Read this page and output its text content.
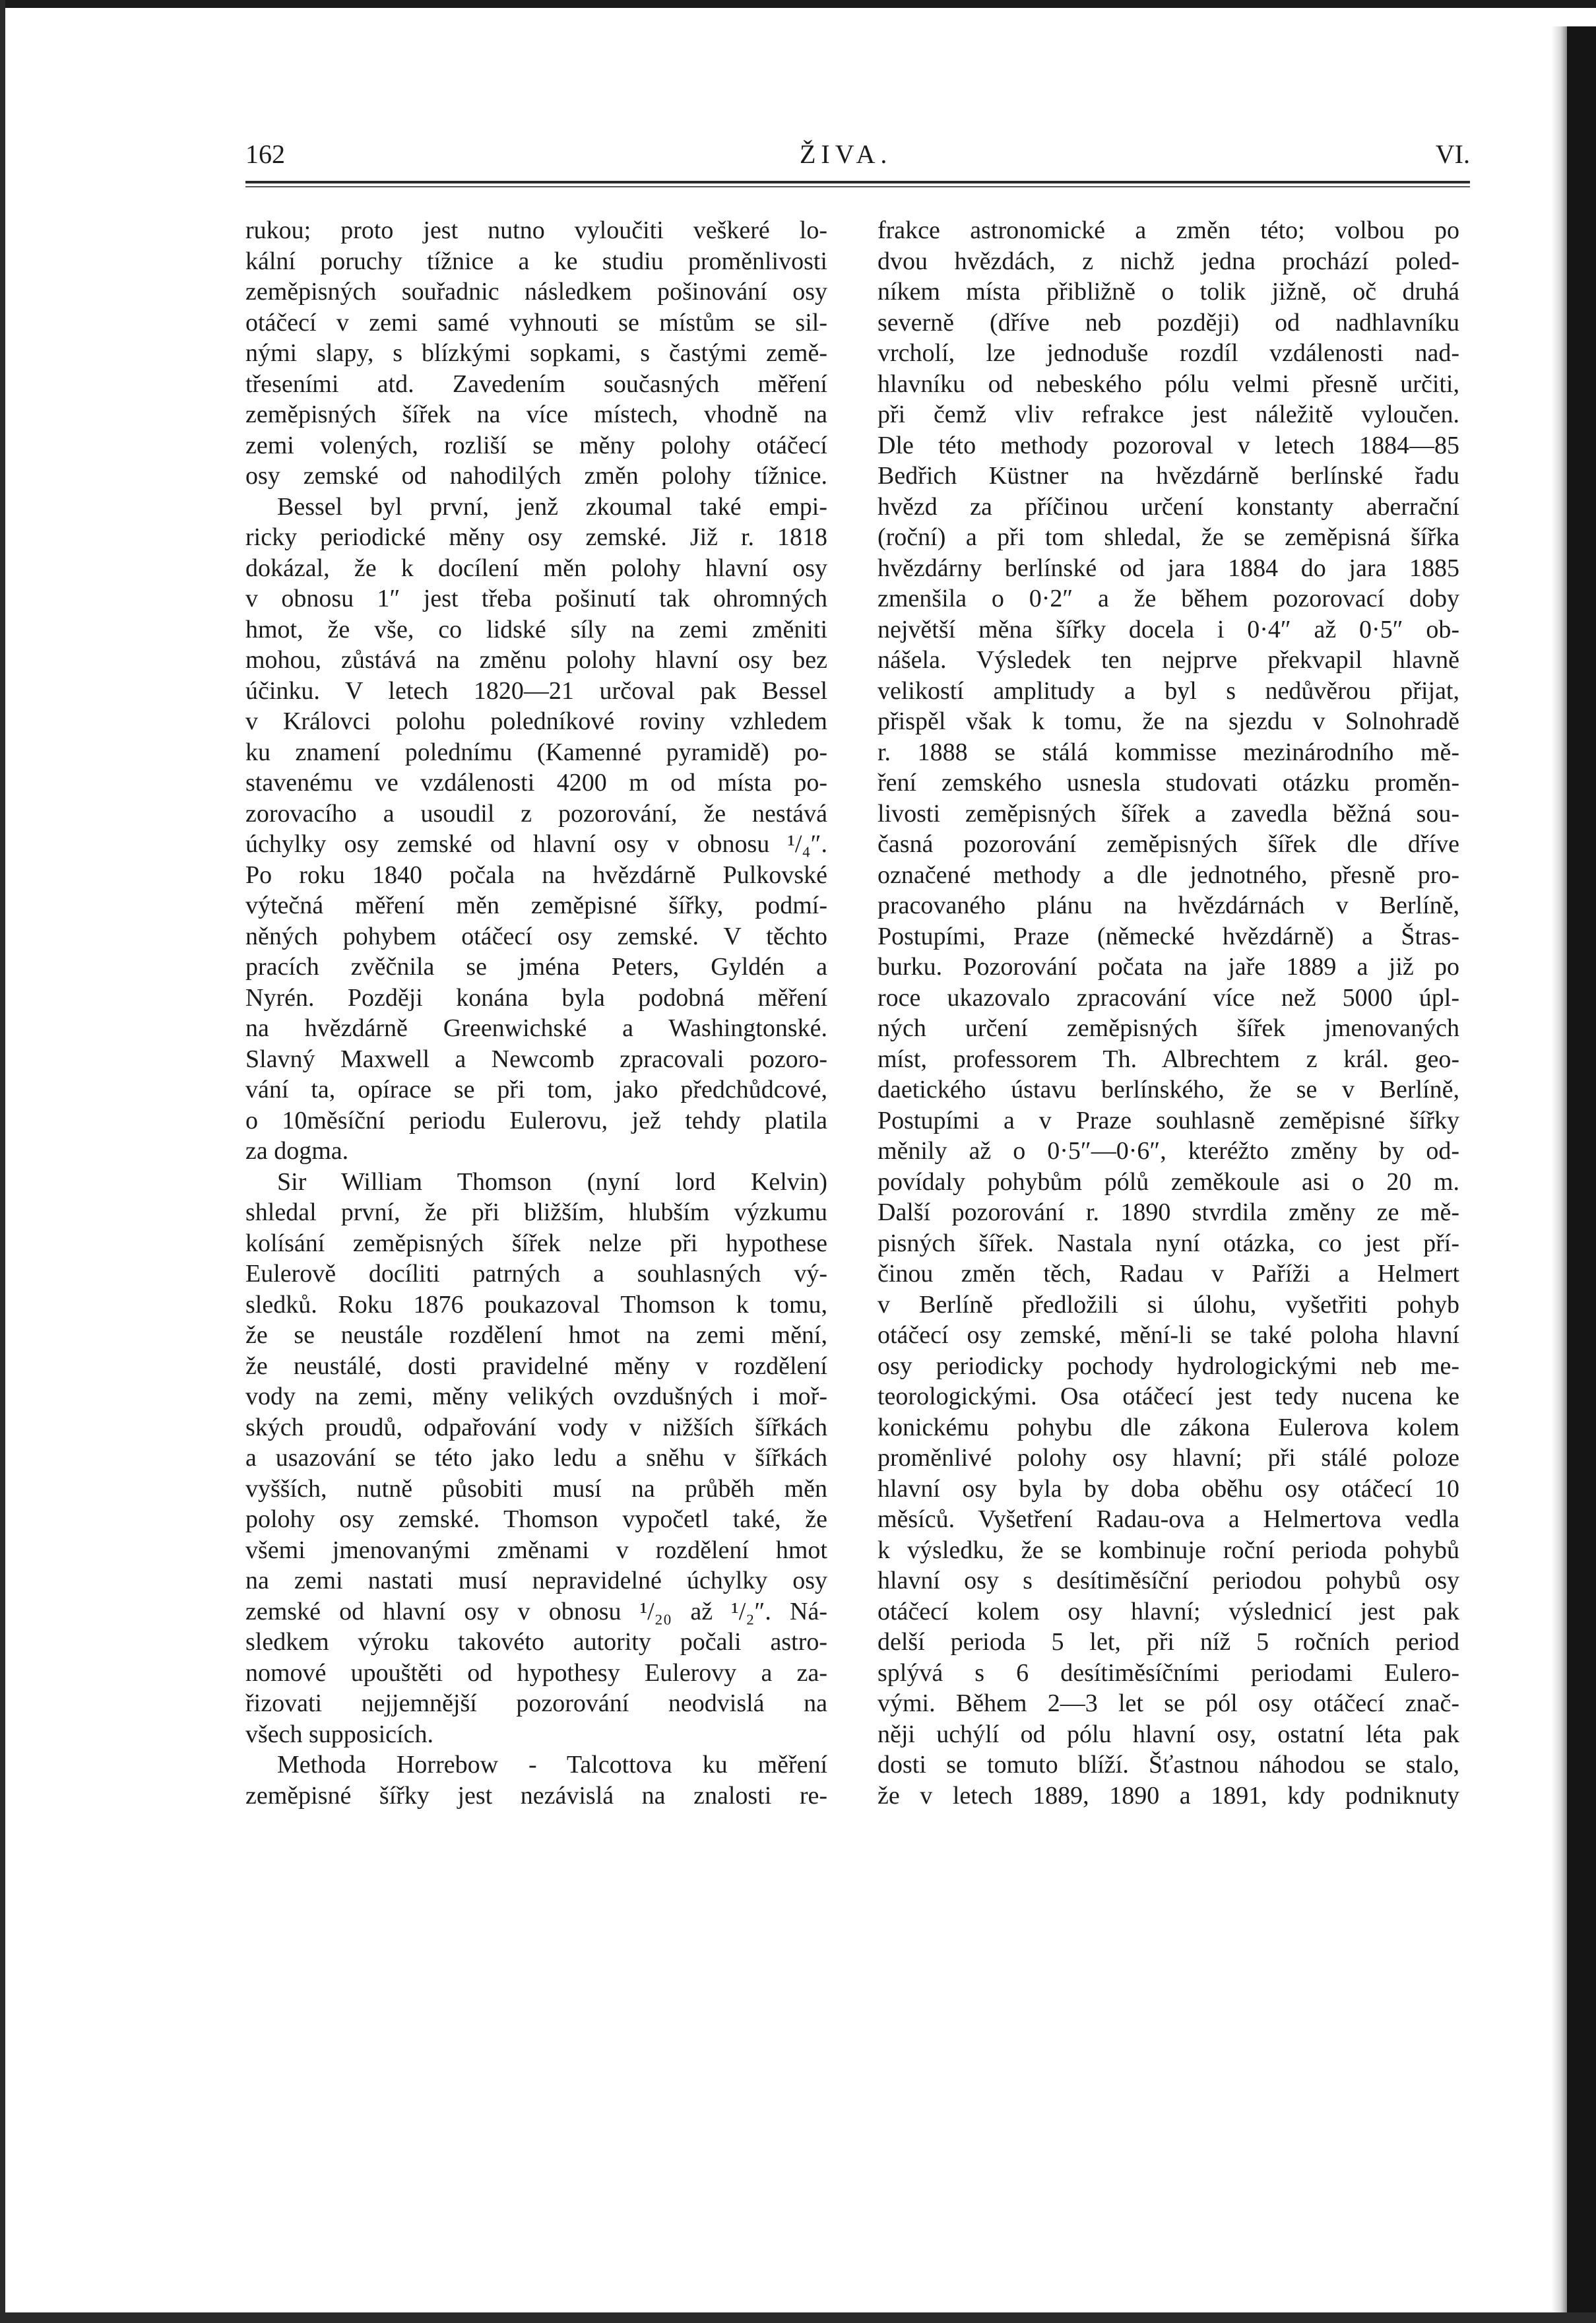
162	ŽIVA.	VI.
rukou; proto jest nutno vyloučiti veškeré lo-
kální poruchy tížnice a ke studiu proměnlivosti
zeměpisných souřadnic následkem pošinování osy
otáčecí v zemi samé vyhnouti se místům se sil-
nými slapy, s blízkými sopkami, s častými země-
třeseními atd. Zavedením současných měření
zeměpisných šířek na více místech, vhodně na
zemi volených, rozliší se měny polohy otáčecí
osy zemské od nahodilých změn polohy tížnice.
Bessel byl první, jenž zkoumal také empi-
ricky periodické měny osy zemské. Již r. 1818
dokázal, že k docílení měn polohy hlavní osy
v obnosu 1″ jest třeba pošinutí tak ohromných
hmot, že vše, co lidské síly na zemi změniti
mohou, zůstává na změnu polohy hlavní osy bez
účinku. V letech 1820—21 určoval pak Bessel
v Královci polohu poledníkové roviny vzhledem
ku znamení polednímu (Kamenné pyramidě) po-
stavenému ve vzdálenosti 4200 m od místa po-
zorovacího a usoudil z pozorování, že nestává
úchylky osy zemské od hlavní osy v obnosu ¹/₄″.
Po roku 1840 počala na hvězdárně Pulkovské
výtečná měření měn zeměpisné šířky, podmí-
něných pohybem otáčecí osy zemské. V těchto
pracích zvěčnila se jména Peters, Gyldén a
Nyrén. Později konána byla podobná měření
na hvězdárně Greenwichské a Washingtonské.
Slavný Maxwell a Newcomb zpracovali pozoro-
vání ta, opírace se při tom, jako předchůdcové,
o 10měsíční periodu Eulerovu, jež tehdy platila
za dogma.
Sir William Thomson (nyní lord Kelvin)
shledal první, že při bližším, hlubším výzkumu
kolísání zeměpisných šířek nelze při hypothese
Eulerově docíliti patrných a souhlasných vý-
sledků. Roku 1876 poukazoval Thomson k tomu,
že se neustále rozdělení hmot na zemi mění,
že neustálé, dosti pravidelné měny v rozdělení
vody na zemi, měny velikých ovzdušných i moř-
ských proudů, odpařování vody v nižších šířkách
a usazování se této jako ledu a sněhu v šířkách
vyšších, nutně působiti musí na průběh měn
polohy osy zemské. Thomson vypočetl také, že
všemi jmenovanými změnami v rozdělení hmot
na zemi nastati musí nepravidelné úchylky osy
zemské od hlavní osy v obnosu ¹/₂₀ až ¹/₂″. Ná-
sledkem výroku takovéto autority počali astro-
nomové upouštěti od hypothesy Eulerovy a za-
řizovati nejjemnější pozorování neodvislá na
všech supposicích.
Methoda Horrebow - Talcottova ku měření
zeměpisné šířky jest nezávislá na znalosti re-
frakce astronomické a změn této; volbou po
dvou hvězdách, z nichž jedna prochází poled-
níkem místa přibližně o tolik jižně, oč druhá
severně (dříve neb později) od nadhlavníku
vrcholí, lze jednoduše rozdíl vzdálenosti nad-
hlavníku od nebeského pólu velmi přesně určiti,
při čemž vliv refrakce jest náležitě vyloučen.
Dle této methody pozoroval v letech 1884—85
Bedřich Küstner na hvězdárně berlínské řadu
hvězd za příčinou určení konstanty aberrační
(roční) a při tom shledal, že se zeměpisná šířka
hvězdárny berlínské od jara 1884 do jara 1885
zmenšila o 0·2″ a že během pozorovací doby
největší měna šířky docela i 0·4″ až 0·5″ ob-
nášela. Výsledek ten nejprve překvapil hlavně
velikostí amplitudy a byl s nedůvěrou přijat,
přispěl však k tomu, že na sjezdu v Solnohradě
r. 1888 se stálá kommisse mezinárodního mě-
ření zemského usnesla studovati otázku proměn-
livosti zeměpisných šířek a zavedla běžná sou-
časná pozorování zeměpisných šířek dle dříve
označené methody a dle jednotného, přesně pro-
pracovaného plánu na hvězdárnách v Berlíně,
Postupími, Praze (německé hvězdárně) a Štras-
burku. Pozorování počata na jaře 1889 a již po
roce ukazovalo zpracování více než 5000 úpl-
ných určení zeměpisných šířek jmenovaných
míst, professorem Th. Albrechtem z král. geo-
daetického ústavu berlínského, že se v Berlíně,
Postupími a v Praze souhlasně zeměpisné šířky
měnily až o 0·5″—0·6″, kteréžto změny by od-
povídaly pohybům pólů zeměkoule asi o 20 m.
Další pozorování r. 1890 stvrdila změny ze mě-
pisných šířek. Nastala nyní otázka, co jest pří-
činou změn těch, Radau v Paříži a Helmert
v Berlíně předložili si úlohu, vyšetřiti pohyb
otáčecí osy zemské, mění-li se také poloha hlavní
osy periodicky pochody hydrologickými neb me-
teorologickými. Osa otáčecí jest tedy nucena ke
konickému pohybu dle zákona Eulerova kolem
proměnlivé polohy osy hlavní; při stálé poloze
hlavní osy byla by doba oběhu osy otáčecí 10
měsíců. Vyšetření Radau-ova a Helmertova vedla
k výsledku, že se kombinuje roční perioda pohybů
hlavní osy s desítiměsíční periodou pohybů osy
otáčecí kolem osy hlavní; výslednicí jest pak
delší perioda 5 let, při níž 5 ročních period
splývá s 6 desítiměsíčními periodami Eulero-
vými. Během 2—3 let se pól osy otáčecí znač-
něji uchýlí od pólu hlavní osy, ostatní léta pak
dosti se tomuto blíží. Šťastnou náhodou se stalo,
že v letech 1889, 1890 a 1891, kdy podniknuty
